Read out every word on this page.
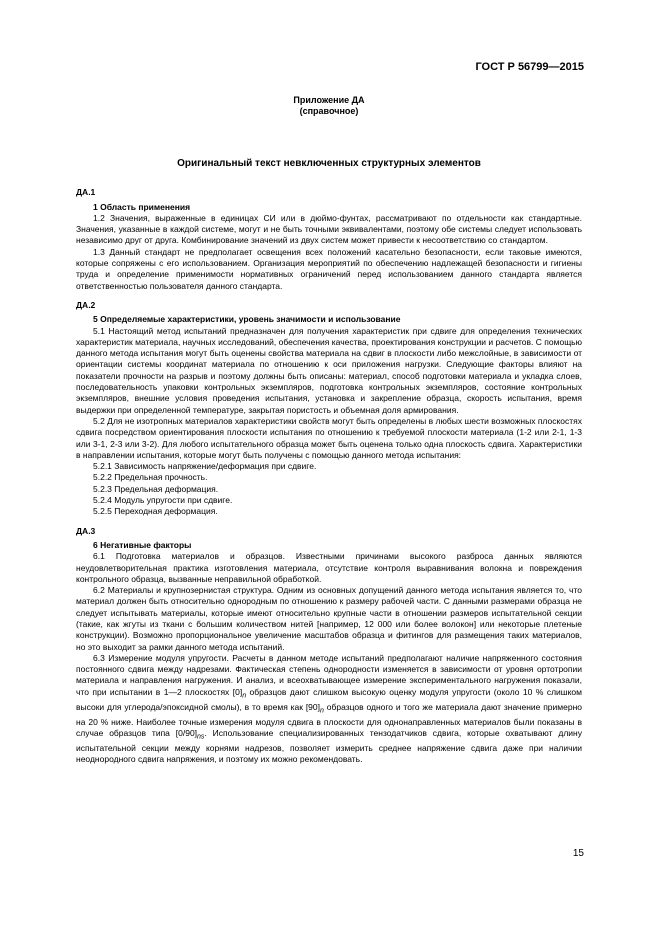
ГОСТ Р 56799—2015
Приложение ДА
(справочное)
Оригинальный текст невключенных структурных элементов
ДА.1
1 Область применения

1.2 Значения, выраженные в единицах СИ или в дюймо-фунтах, рассматривают по отдельности как стандартные. Значения, указанные в каждой системе, могут и не быть точными эквивалентами, поэтому обе системы следует использовать независимо друг от друга. Комбинирование значений из двух систем может привести к несоответствию со стандартом.

1.3 Данный стандарт не предполагает освещения всех положений касательно безопасности, если таковые имеются, которые сопряжены с его использованием. Организация мероприятий по обеспечению надлежащей безопасности и гигиены труда и определение применимости нормативных ограничений перед использованием данного стандарта является ответственностью пользователя данного стандарта.

ДА.2
5 Определяемые характеристики, уровень значимости и использование

5.1 Настоящий метод испытаний предназначен для получения характеристик при сдвиге для определения технических характеристик материала, научных исследований, обеспечения качества, проектирования конструкции и расчетов. С помощью данного метода испытания могут быть оценены свойства материала на сдвиг в плоскости либо межслойные, в зависимости от ориентации системы координат материала по отношению к оси приложения нагрузки. Следующие факторы влияют на показатели прочности на разрыв и поэтому должны быть описаны: материал, способ подготовки материала и укладка слоев, последовательность упаковки контрольных экземпляров, подготовка контрольных экземпляров, состояние контрольных экземпляров, внешние условия проведения испытания, установка и закрепление образца, скорость испытания, время выдержки при определенной температуре, закрытая пористость и объемная доля армирования.

5.2 Для не изотропных материалов характеристики свойств могут быть определены в любых шести возможных плоскостях сдвига посредством ориентирования плоскости испытания по отношению к требуемой плоскости материала (1-2 или 2-1, 1-3 или 3-1, 2-3 или 3-2). Для любого испытательного образца может быть оценена только одна плоскость сдвига. Характеристики в направлении испытания, которые могут быть получены с помощью данного метода испытания:

5.2.1 Зависимость напряжение/деформация при сдвиге.
5.2.2 Предельная прочность.
5.2.3 Предельная деформация.
5.2.4 Модуль упругости при сдвиге.
5.2.5 Переходная деформация.
ДА.3
6 Негативные факторы

6.1 Подготовка материалов и образцов. Известными причинами высокого разброса данных являются неудовлетворительная практика изготовления материала, отсутствие контроля выравнивания волокна и повреждения контрольного образца, вызванные неправильной обработкой.

6.2 Материалы и крупнозернистая структура. Одним из основных допущений данного метода испытания является то, что материал должен быть относительно однородным по отношению к размеру рабочей части. С данными размерами образца не следует испытывать материалы, которые имеют относительно крупные части в отношении размеров испытательной секции (такие, как жгуты из ткани с большим количеством нитей [например, 12 000 или более волокон] или некоторые плетеные конструкции). Возможно пропорциональное увеличение масштабов образца и фитингов для размещения таких материалов, но это выходит за рамки данного метода испытаний.

6.3 Измерение модуля упругости. Расчеты в данном методе испытаний предполагают наличие напряженного состояния постоянного сдвига между надрезами. Фактическая степень однородности изменяется в зависимости от уровня ортотропии материала и направления нагружения. И анализ, и всеохватывающее измерение экспериментального нагружения показали, что при испытании в 1—2 плоскостях $[0]_n$ образцов дают слишком высокую оценку модуля упругости (около 10 % слишком высоки для углерода/эпоксидной смолы), в то время как $[90]_n$ образцов одного и того же материала дают значение примерно на 20 % ниже. Наиболее точные измерения модуля сдвига в плоскости для однонаправленных материалов были показаны в случае образцов типа $[0/90]_{ns}$. Использование специализированных тензодатчиков сдвига, которые охватывают длину испытательной секции между корнями надрезов, позволяет измерить среднее напряжение сдвига даже при наличии неоднородного сдвига напряжения, и поэтому их можно рекомендовать.

15
